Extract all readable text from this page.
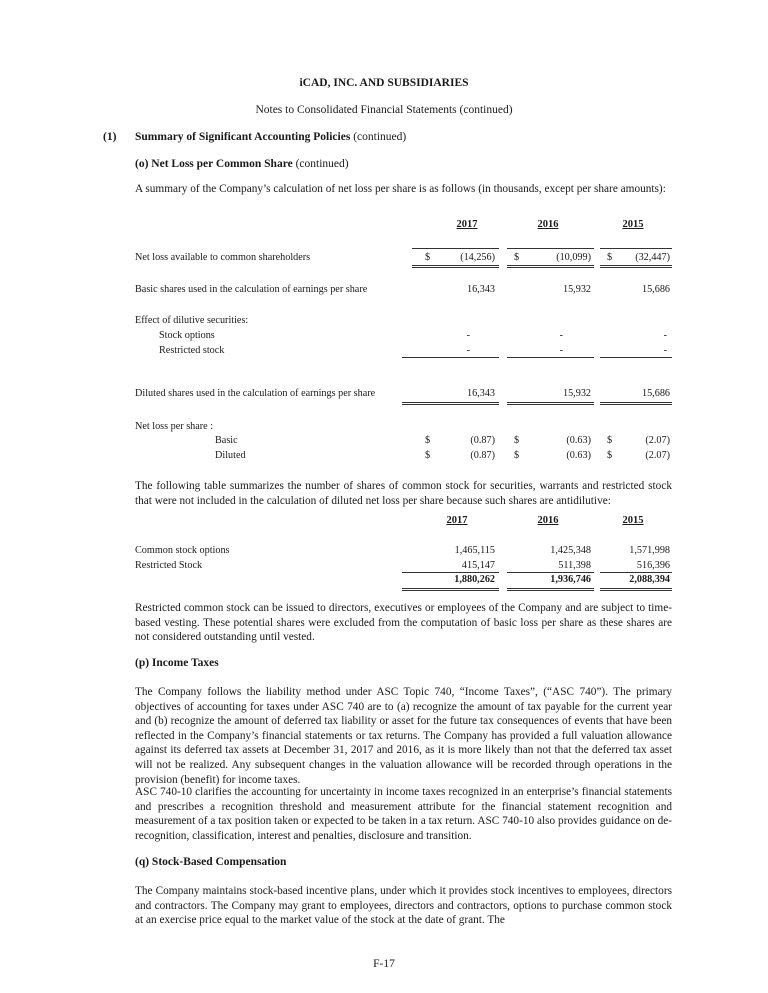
iCAD, INC. AND SUBSIDIARIES
Notes to Consolidated Financial Statements (continued)
(1) Summary of Significant Accounting Policies (continued)
(o) Net Loss per Common Share (continued)
A summary of the Company’s calculation of net loss per share is as follows (in thousands, except per share amounts):
2017	2016	2015
Net loss available to common shareholders	$	(14,256) $	(10,099) $	(32,447)
Basic shares used in the calculation of earnings per share	16,343	15,932	15,686
Effect of dilutive securities:
Stock options	-	-	-
Restricted stock	-	-	-
Diluted shares used in the calculation of earnings per share	16,343	15,932	15,686
Net loss per share :
Basic	$	(0.87) $	(0.63) $	(2.07)
Diluted	$	(0.87) $	(0.63) $	(2.07)
The following table summarizes the number of shares of common stock for securities, warrants and restricted stock that were not included in the calculation of diluted net loss per share because such shares are antidilutive:
2017	2016	2015
Common stock options	1,465,115	1,425,348	1,571,998
Restricted Stock	415,147	511,398	516,396
1,880,262	1,936,746	2,088,394
Restricted common stock can be issued to directors, executives or employees of the Company and are subject to time-based vesting. These potential shares were excluded from the computation of basic loss per share as these shares are not considered outstanding until vested.
(p) Income Taxes
The Company follows the liability method under ASC Topic 740, “Income Taxes”, (“ASC 740”). The primary objectives of accounting for taxes under ASC 740 are to (a) recognize the amount of tax payable for the current year and (b) recognize the amount of deferred tax liability or asset for the future tax consequences of events that have been reflected in the Company’s financial statements or tax returns. The Company has provided a full valuation allowance against its deferred tax assets at December 31, 2017 and 2016, as it is more likely than not that the deferred tax asset will not be realized. Any subsequent changes in the valuation allowance will be recorded through operations in the provision (benefit) for income taxes.
ASC 740-10 clarifies the accounting for uncertainty in income taxes recognized in an enterprise’s financial statements and prescribes a recognition threshold and measurement attribute for the financial statement recognition and measurement of a tax position taken or expected to be taken in a tax return. ASC 740-10 also provides guidance on de-recognition, classification, interest and penalties, disclosure and transition.
(q) Stock-Based Compensation
The Company maintains stock-based incentive plans, under which it provides stock incentives to employees, directors and contractors. The Company may grant to employees, directors and contractors, options to purchase common stock at an exercise price equal to the market value of the stock at the date of grant. The
F-17
